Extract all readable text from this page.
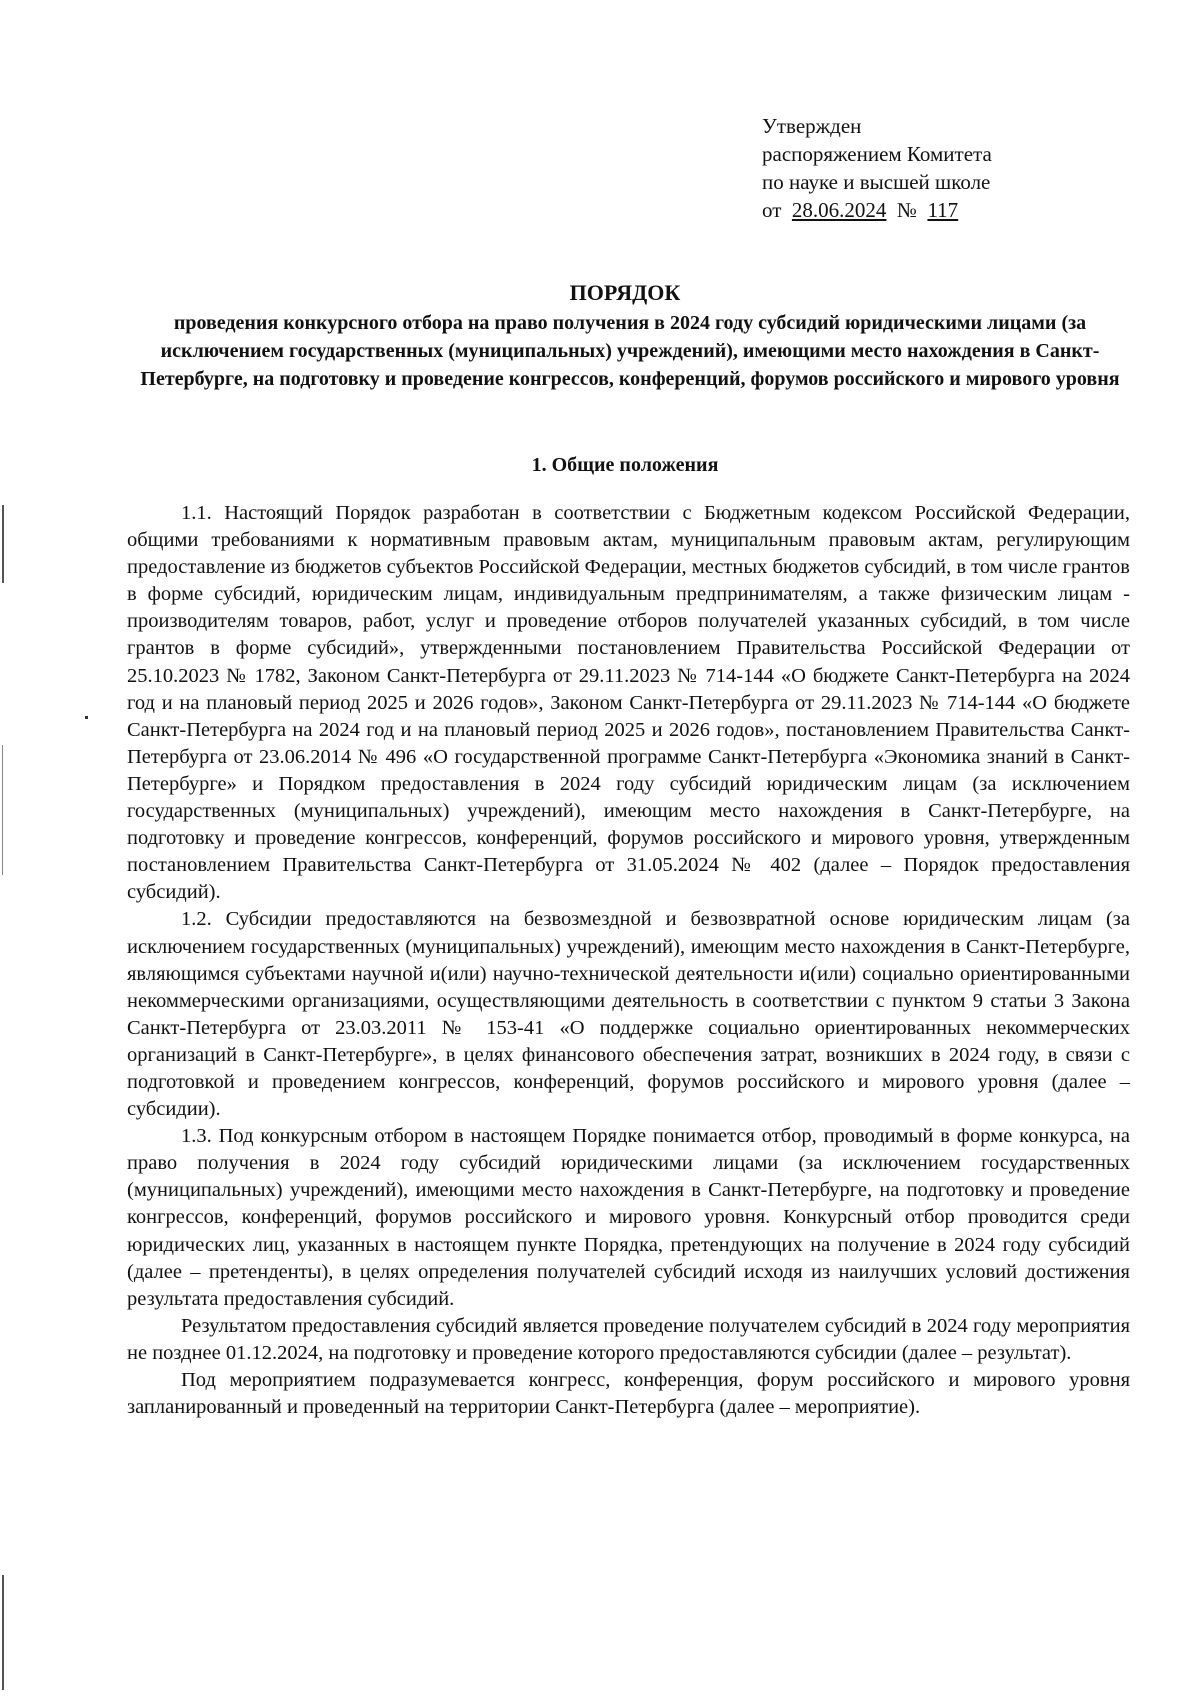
Утвержден
распоряжением Комитета
по науке и высшей школе
от 28.06.2024 № 117
ПОРЯДОК
проведения конкурсного отбора на право получения в 2024 году субсидий юридическими лицами (за исключением государственных (муниципальных) учреждений), имеющими место нахождения в Санкт-Петербурге, на подготовку и проведение конгрессов, конференций, форумов российского и мирового уровня
1. Общие положения

1.1. Настоящий Порядок разработан в соответствии с Бюджетным кодексом Российской Федерации, общими требованиями к нормативным правовым актам, муниципальным правовым актам, регулирующим предоставление из бюджетов субъектов Российской Федерации, местных бюджетов субсидий, в том числе грантов в форме субсидий, юридическим лицам, индивидуальным предпринимателям, а также физическим лицам - производителям товаров, работ, услуг и проведение отборов получателей указанных субсидий, в том числе грантов в форме субсидий», утвержденными постановлением Правительства Российской Федерации от 25.10.2023 № 1782, Законом Санкт-Петербурга от 29.11.2023 № 714-144 «О бюджете Санкт-Петербурга на 2024 год и на плановый период 2025 и 2026 годов», Законом Санкт-Петербурга от 29.11.2023 № 714-144 «О бюджете Санкт-Петербурга на 2024 год и на плановый период 2025 и 2026 годов», постановлением Правительства Санкт-Петербурга от 23.06.2014 № 496 «О государственной программе Санкт-Петербурга «Экономика знаний в Санкт-Петербурге» и Порядком предоставления в 2024 году субсидий юридическим лицам (за исключением государственных (муниципальных) учреждений), имеющим место нахождения в Санкт-Петербурге, на подготовку и проведение конгрессов, конференций, форумов российского и мирового уровня, утвержденным постановлением Правительства Санкт-Петербурга от 31.05.2024 № 402 (далее – Порядок предоставления субсидий).

1.2. Субсидии предоставляются на безвозмездной и безвозвратной основе юридическим лицам (за исключением государственных (муниципальных) учреждений), имеющим место нахождения в Санкт-Петербурге, являющимся субъектами научной и(или) научно-технической деятельности и(или) социально ориентированными некоммерческими организациями, осуществляющими деятельность в соответствии с пунктом 9 статьи 3 Закона Санкт-Петербурга от 23.03.2011 № 153-41 «О поддержке социально ориентированных некоммерческих организаций в Санкт-Петербурге», в целях финансового обеспечения затрат, возникших в 2024 году, в связи с подготовкой и проведением конгрессов, конференций, форумов российского и мирового уровня (далее – субсидии).

1.3. Под конкурсным отбором в настоящем Порядке понимается отбор, проводимый в форме конкурса, на право получения в 2024 году субсидий юридическими лицами (за исключением государственных (муниципальных) учреждений), имеющими место нахождения в Санкт-Петербурге, на подготовку и проведение конгрессов, конференций, форумов российского и мирового уровня. Конкурсный отбор проводится среди юридических лиц, указанных в настоящем пункте Порядка, претендующих на получение в 2024 году субсидий (далее – претенденты), в целях определения получателей субсидий исходя из наилучших условий достижения результата предоставления субсидий.

Результатом предоставления субсидий является проведение получателем субсидий в 2024 году мероприятия не позднее 01.12.2024, на подготовку и проведение которого предоставляются субсидии (далее – результат).

Под мероприятием подразумевается конгресс, конференция, форум российского и мирового уровня запланированный и проведенный на территории Санкт-Петербурга (далее – мероприятие).
